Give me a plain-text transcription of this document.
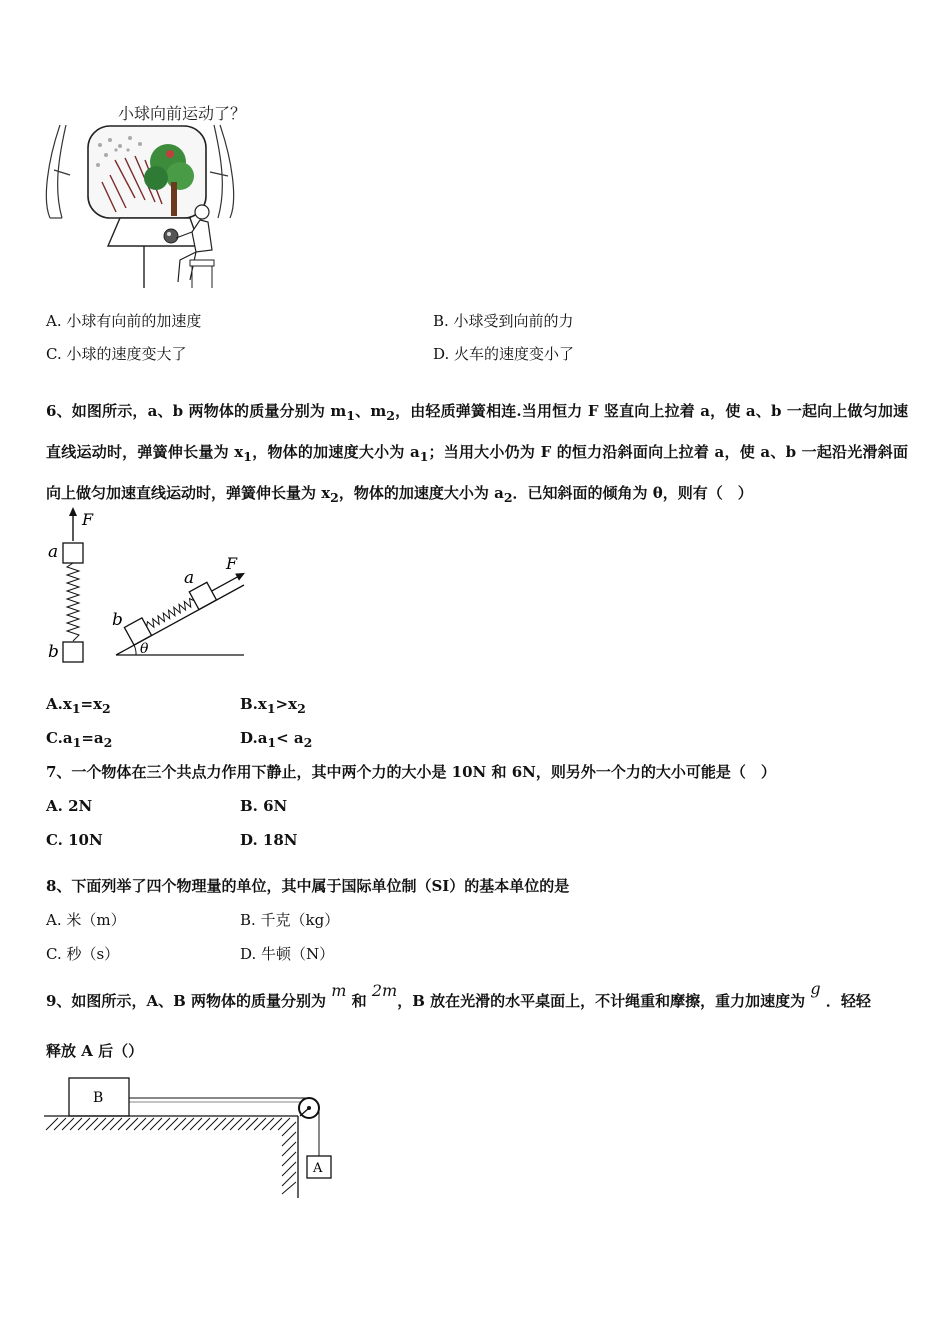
小球向前运动了？
A. 小球有向前的加速度	B. 小球受到向前的力
C. 小球的速度变大了	D. 火车的速度变小了
6、如图所示，a、b 两物体的质量分别为 $m_1$、$m_2$，由轻质弹簧相连.当用恒力 F 竖直向上拉着 a，使 a、b 一起向上做匀加速直线运动时，弹簧伸长量为 $x_1$，物体的加速度大小为 $a_1$；当用大小仍为 F 的恒力沿斜面向上拉着 a，使 a、b 一起沿光滑斜面向上做匀加速直线运动时，弹簧伸长量为 $x_2$，物体的加速度大小为 $a_2$．已知斜面的倾角为 θ，则有（　）
F
a
b	θ
b
a
F
$A.x_1=x_2$	$B.x_1>x_2$
$C.a_1=a_2$	$D.a_1< a_2$
7、一个物体在三个共点力作用下静止，其中两个力的大小是 10N 和 6N，则另外一个力的大小可能是（　）
A. 2N	B. 6N
C. 10N	D. 18N
8、下面列举了四个物理量的单位，其中属于国际单位制（SI）的基本单位的是
A. 米（m）	B. 千克（kg）
C. 秒（s）	D. 牛顿（N）
9、如图所示，A、B 两物体的质量分别为 m 和 2m，B 放在光滑的水平桌面上，不计绳重和摩擦，重力加速度为 g ．轻轻
释放 A 后（）
B
A
